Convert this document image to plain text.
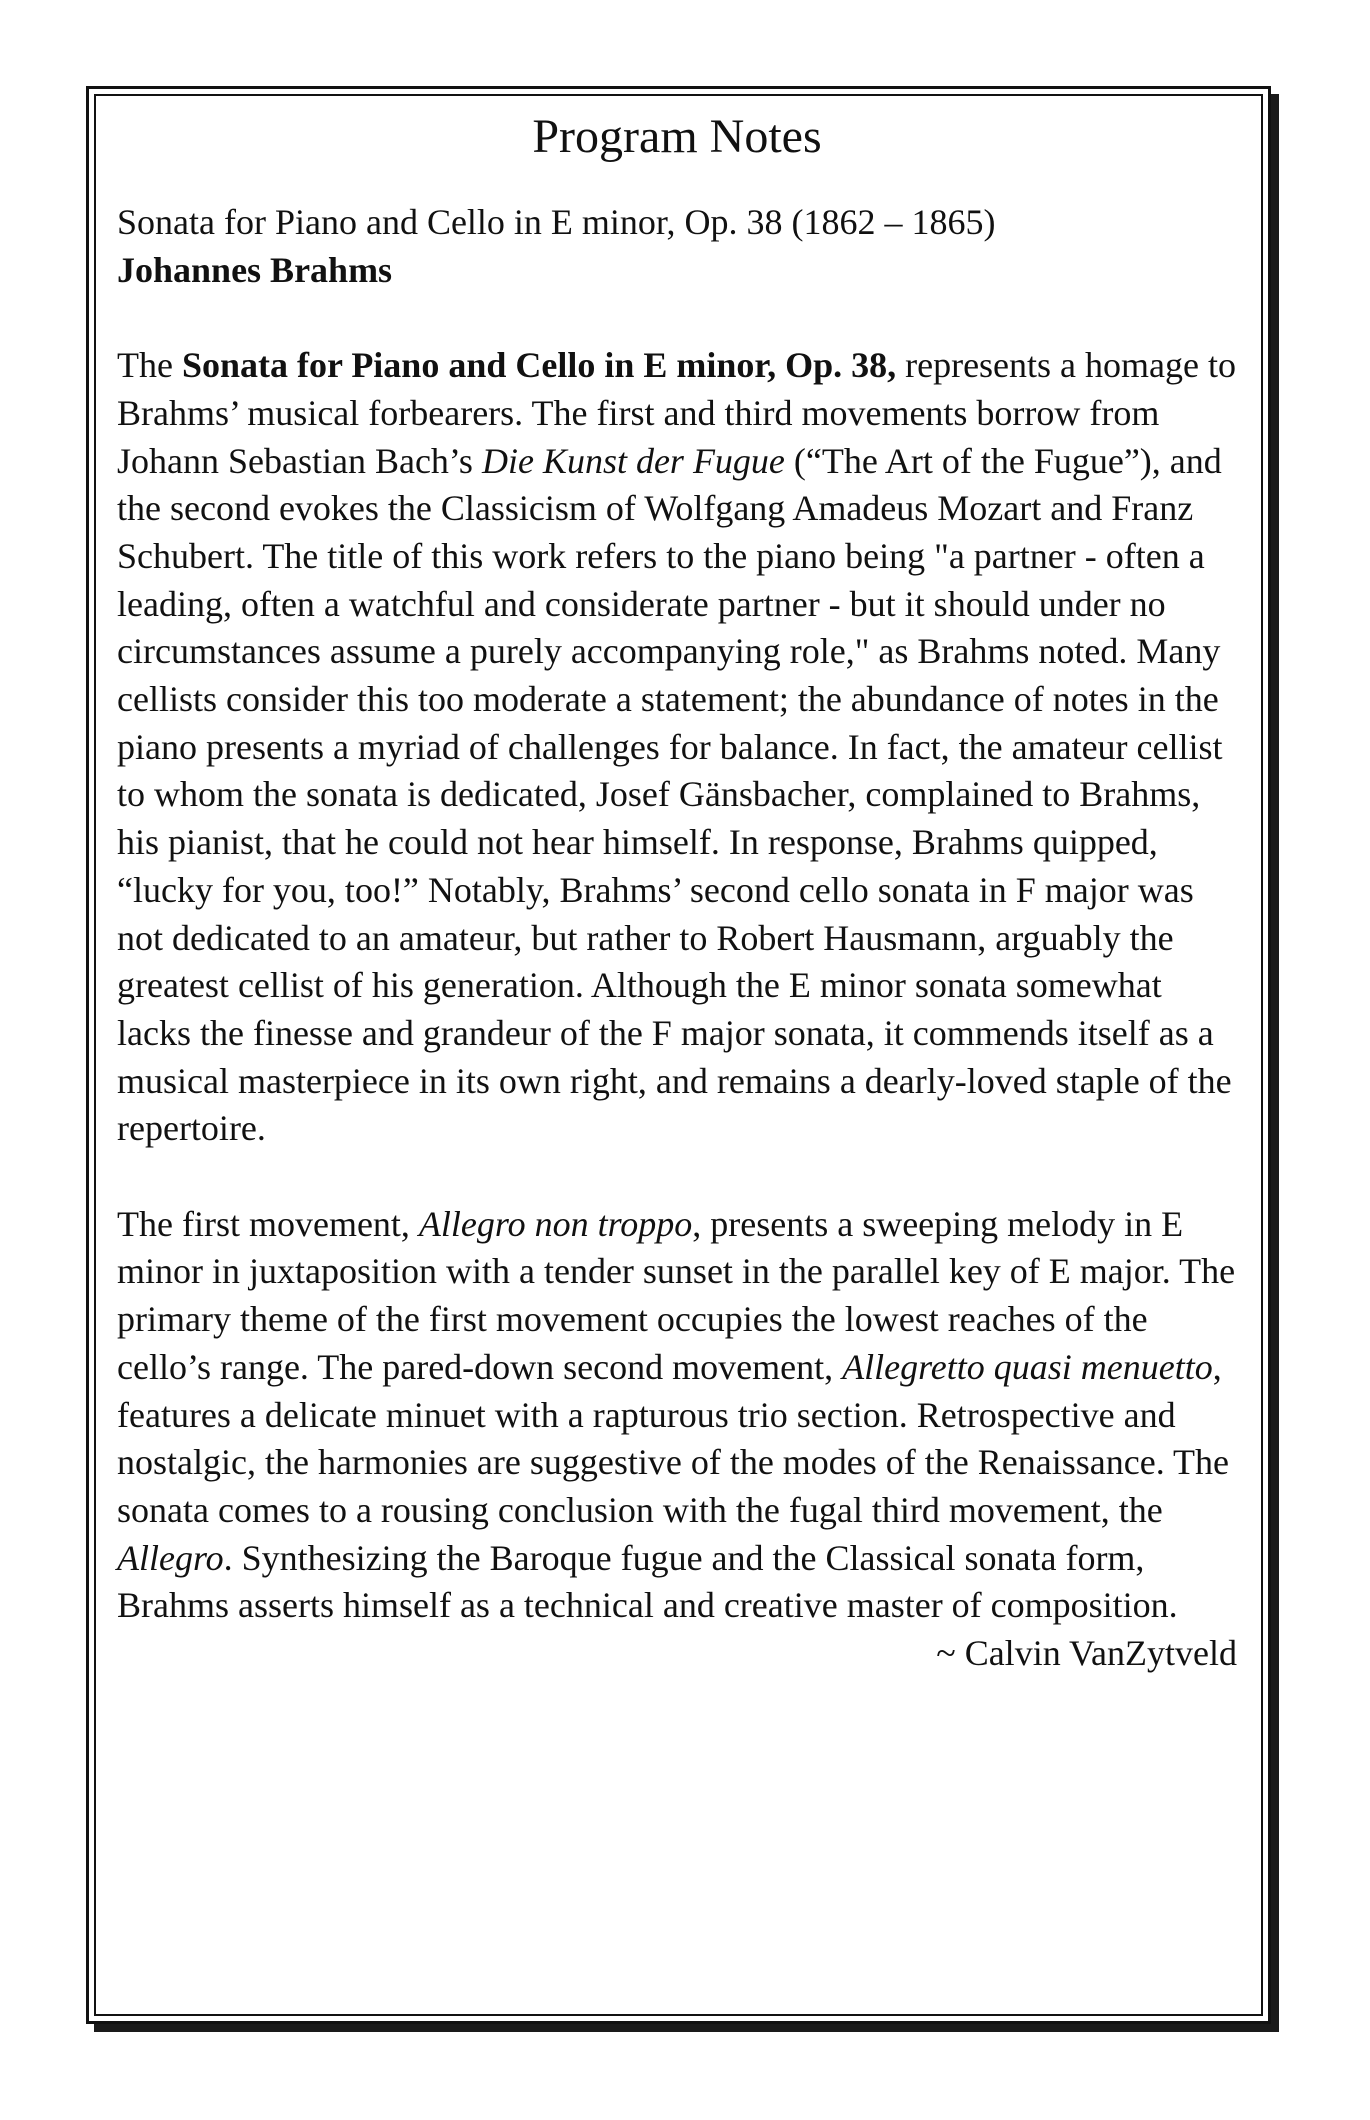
Program Notes

Sonata for Piano and Cello in E minor, Op. 38 (1862 – 1865)

Johannes Brahms

The Sonata for Piano and Cello in E minor, Op. 38, represents a homage to Brahms’ musical forbearers. The first and third movements borrow from Johann Sebastian Bach’s Die Kunst der Fugue (“The Art of the Fugue”), and the second evokes the Classicism of Wolfgang Amadeus Mozart and Franz Schubert. The title of this work refers to the piano being "a partner - often a leading, often a watchful and considerate partner - but it should under no circumstances assume a purely accompanying role," as Brahms noted. Many cellists consider this too moderate a statement; the abundance of notes in the piano presents a myriad of challenges for balance. In fact, the amateur cellist to whom the sonata is dedicated, Josef Gänsbacher, complained to Brahms, his pianist, that he could not hear himself. In response, Brahms quipped, “lucky for you, too!” Notably, Brahms’ second cello sonata in F major was not dedicated to an amateur, but rather to Robert Hausmann, arguably the greatest cellist of his generation. Although the E minor sonata somewhat lacks the finesse and grandeur of the F major sonata, it commends itself as a musical masterpiece in its own right, and remains a dearly-loved staple of the repertoire.

The first movement, Allegro non troppo, presents a sweeping melody in E minor in juxtaposition with a tender sunset in the parallel key of E major. The primary theme of the first movement occupies the lowest reaches of the cello’s range. The pared-down second movement, Allegretto quasi menuetto, features a delicate minuet with a rapturous trio section. Retrospective and nostalgic, the harmonies are suggestive of the modes of the Renaissance. The sonata comes to a rousing conclusion with the fugal third movement, the Allegro. Synthesizing the Baroque fugue and the Classical sonata form, Brahms asserts himself as a technical and creative master of composition.

~ Calvin VanZytveld
